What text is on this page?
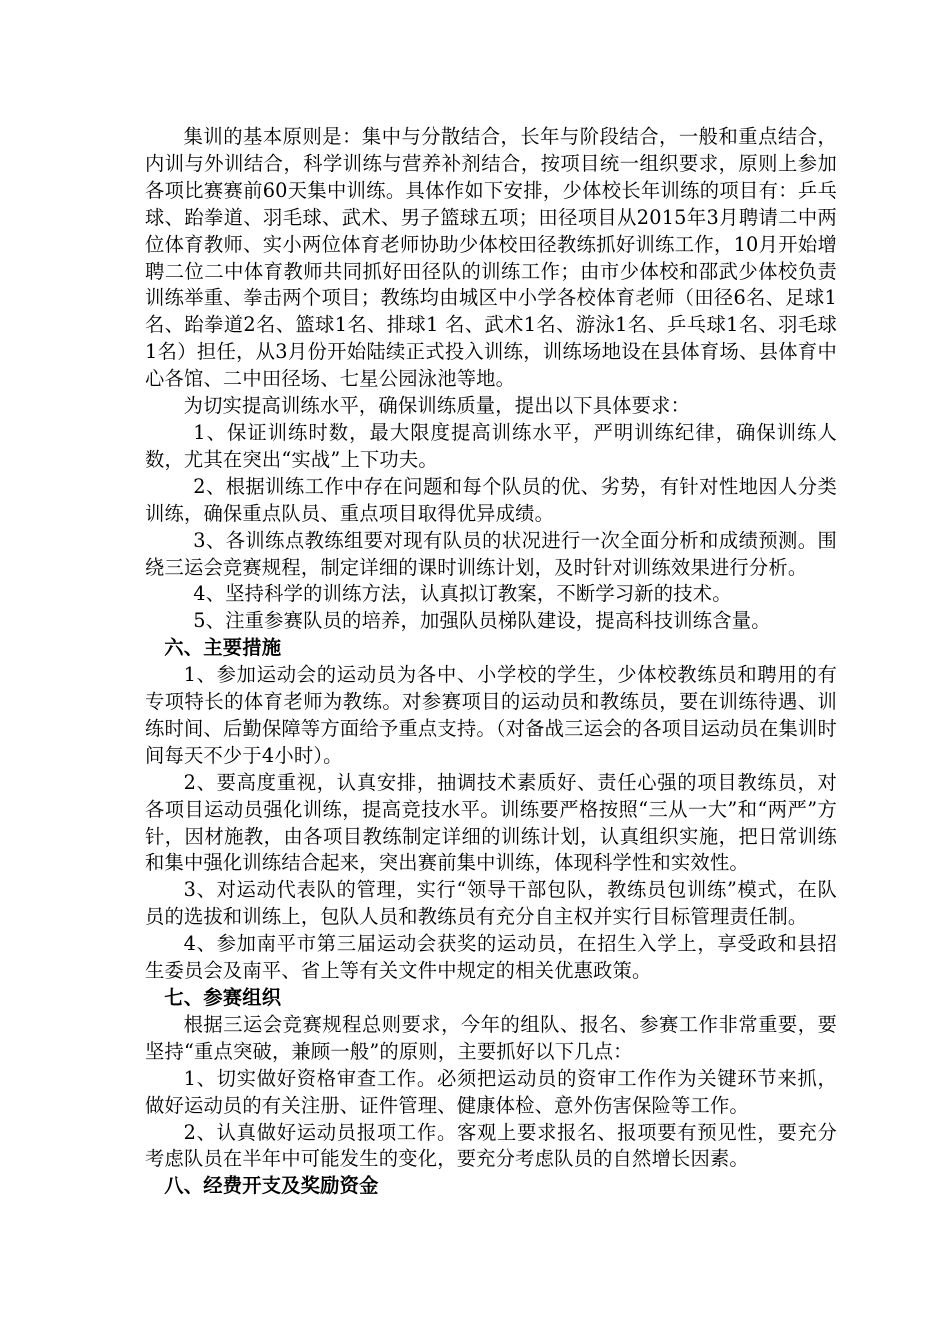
集训的基本原则是：集中与分散结合，长年与阶段结合，一般和重点结合，内训与外训结合，科学训练与营养补剂结合，按项目统一组织要求，原则上参加各项比赛赛前60天集中训练。具体作如下安排，少体校长年训练的项目有：乒乓球、跆拳道、羽毛球、武术、男子篮球五项；田径项目从2015年3月聘请二中两位体育教师、实小两位体育老师协助少体校田径教练抓好训练工作，10月开始增聘二位二中体育教师共同抓好田径队的训练工作；由市少体校和邵武少体校负责训练举重、拳击两个项目；教练均由城区中小学各校体育老师（田径6名、足球1名、跆拳道2名、篮球1名、排球1 名、武术1名、游泳1名、乒乓球1名、羽毛球1名）担任，从3月份开始陆续正式投入训练，训练场地设在县体育场、县体育中心各馆、二中田径场、七星公园泳池等地。

为切实提高训练水平，确保训练质量，提出以下具体要求：

1、保证训练时数，最大限度提高训练水平，严明训练纪律，确保训练人数，尤其在突出“实战”上下功夫。

2、根据训练工作中存在问题和每个队员的优、劣势，有针对性地因人分类训练，确保重点队员、重点项目取得优异成绩。

3、各训练点教练组要对现有队员的状况进行一次全面分析和成绩预测。围绕三运会竞赛规程，制定详细的课时训练计划，及时针对训练效果进行分析。

4、坚持科学的训练方法，认真拟订教案，不断学习新的技术。

5、注重参赛队员的培养，加强队员梯队建设，提高科技训练含量。

六、主要措施

1、参加运动会的运动员为各中、小学校的学生，少体校教练员和聘用的有专项特长的体育老师为教练。对参赛项目的运动员和教练员，要在训练待遇、训练时间、后勤保障等方面给予重点支持。（对备战三运会的各项目运动员在集训时间每天不少于4小时）。

2、要高度重视，认真安排，抽调技术素质好、责任心强的项目教练员，对各项目运动员强化训练，提高竞技水平。训练要严格按照“三从一大”和“两严”方针，因材施教，由各项目教练制定详细的训练计划，认真组织实施，把日常训练和集中强化训练结合起来，突出赛前集中训练，体现科学性和实效性。

3、对运动代表队的管理，实行“领导干部包队，教练员包训练”模式，在队员的选拔和训练上，包队人员和教练员有充分自主权并实行目标管理责任制。

4、参加南平市第三届运动会获奖的运动员，在招生入学上，享受政和县招生委员会及南平、省上等有关文件中规定的相关优惠政策。

七、参赛组织

根据三运会竞赛规程总则要求，今年的组队、报名、参赛工作非常重要，要坚持“重点突破，兼顾一般”的原则，主要抓好以下几点：

1、切实做好资格审查工作。必须把运动员的资审工作作为关键环节来抓，做好运动员的有关注册、证件管理、健康体检、意外伤害保险等工作。

2、认真做好运动员报项工作。客观上要求报名、报项要有预见性，要充分考虑队员在半年中可能发生的变化，要充分考虑队员的自然增长因素。

八、经费开支及奖励资金
